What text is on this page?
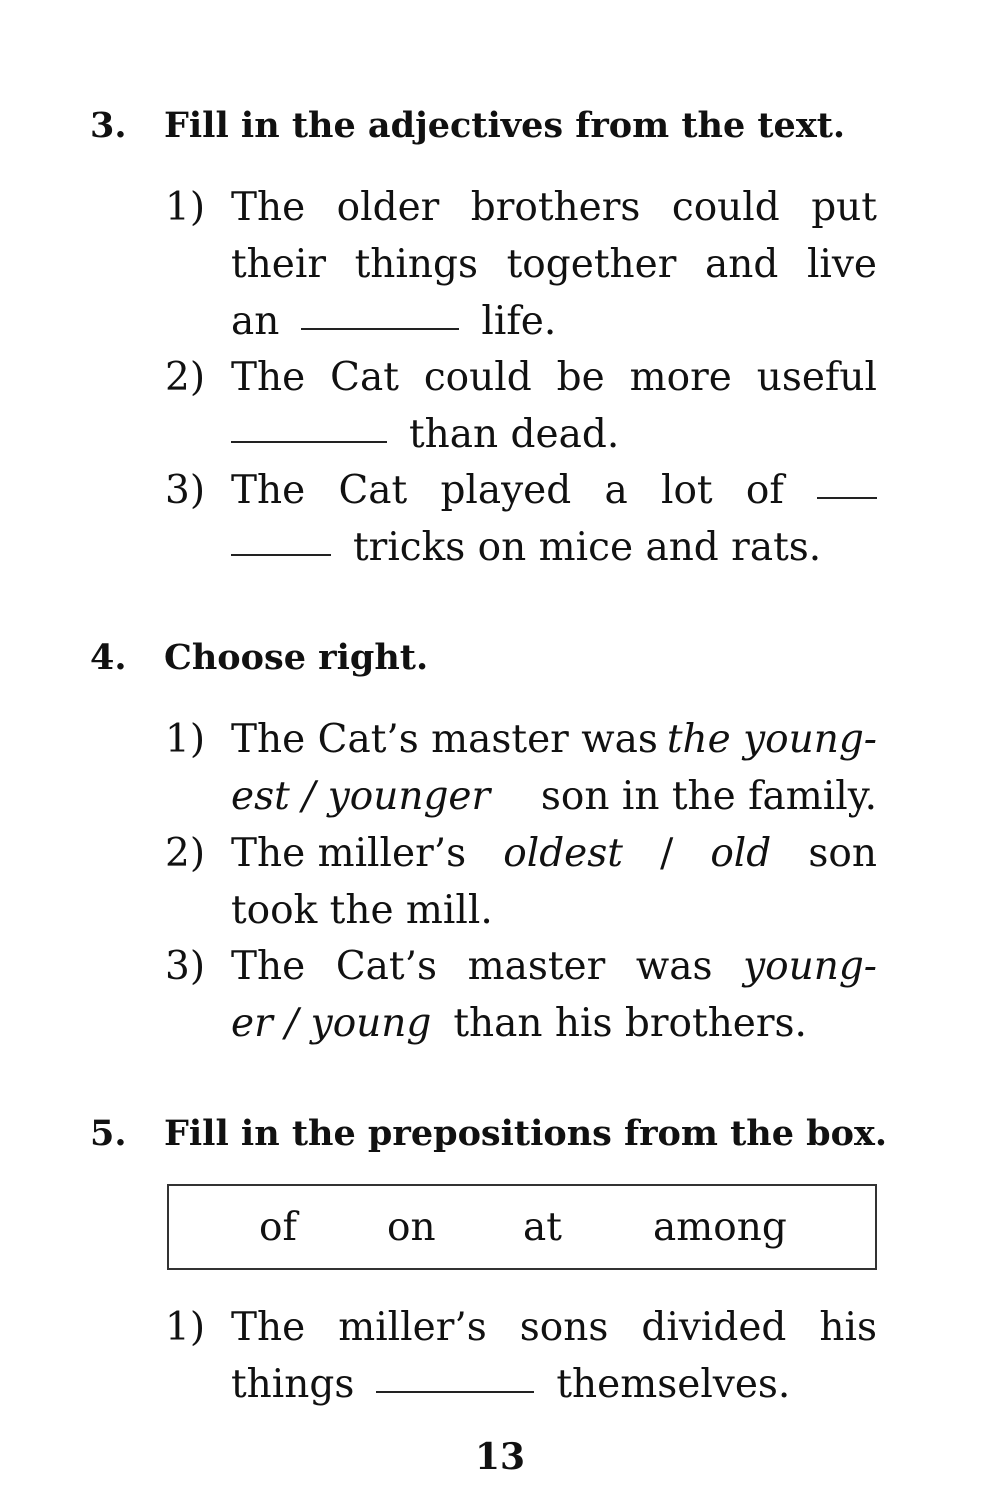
3. Fill in the adjectives from the text.
1) The older brothers could put
their things together and live
an	life.
2) The Cat could be more useful
than dead.
3) The Cat played a lot of
tricks on mice and rats.
4. Choose right.
1) The Cat’s master was the young-
est / younger son in the family.
2) The miller’s oldest / old son
took the mill.
3) The Cat’s master was young-
er / young than his brothers.
5. Fill in the prepositions from the box.
of on at among
1) The miller’s sons divided his
things	themselves.
13
